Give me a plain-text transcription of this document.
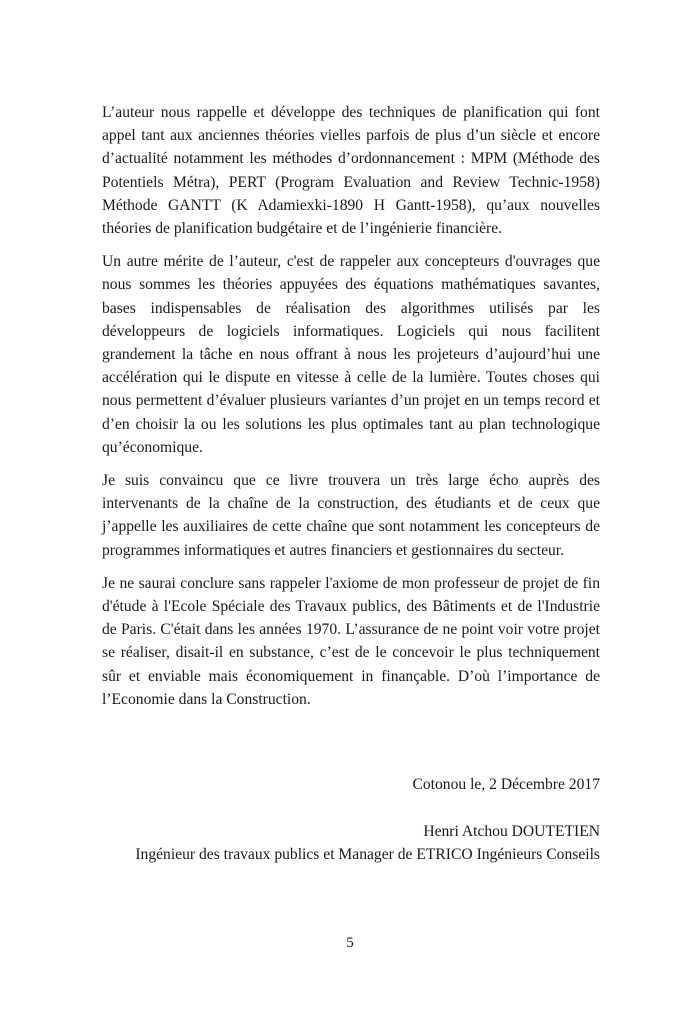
L’auteur nous rappelle et développe des techniques de planification qui font appel tant aux anciennes théories vielles parfois de plus d’un siècle et encore d’actualité notamment les méthodes d’ordonnancement : MPM (Méthode des Potentiels Métra), PERT (Program Evaluation and Review Technic-1958) Méthode GANTT (K Adamiexki-1890 H Gantt-1958), qu’aux nouvelles théories de planification budgétaire et de l’ingénierie financière.

Un autre mérite de l’auteur, c'est de rappeler aux concepteurs d'ouvrages que nous sommes les théories appuyées des équations mathématiques savantes, bases indispensables de réalisation des algorithmes utilisés par les développeurs de logiciels informatiques. Logiciels qui nous facilitent grandement la tâche en nous offrant à nous les projeteurs d’aujourd’hui une accélération qui le dispute en vitesse à celle de la lumière. Toutes choses qui nous permettent d’évaluer plusieurs variantes d’un projet en un temps record et d’en choisir la ou les solutions les plus optimales tant au plan technologique qu’économique.

Je suis convaincu que ce livre trouvera un très large écho auprès des intervenants de la chaîne de la construction, des étudiants et de ceux que j’appelle les auxiliaires de cette chaîne que sont notamment les concepteurs de programmes informatiques et autres financiers et gestionnaires du secteur.

Je ne saurai conclure sans rappeler l'axiome de mon professeur de projet de fin d'étude à l'Ecole Spéciale des Travaux publics, des Bâtiments et de l'Industrie de Paris. C'était dans les années 1970. L’assurance de ne point voir votre projet se réaliser, disait-il en substance, c’est de le concevoir le plus techniquement sûr et enviable mais économiquement in finançable. D’où l’importance de l’Economie dans la Construction.

Cotonou le, 2 Décembre 2017
Henri Atchou DOUTETIEN
Ingénieur des travaux publics et Manager de ETRICO Ingénieurs Conseils
5
